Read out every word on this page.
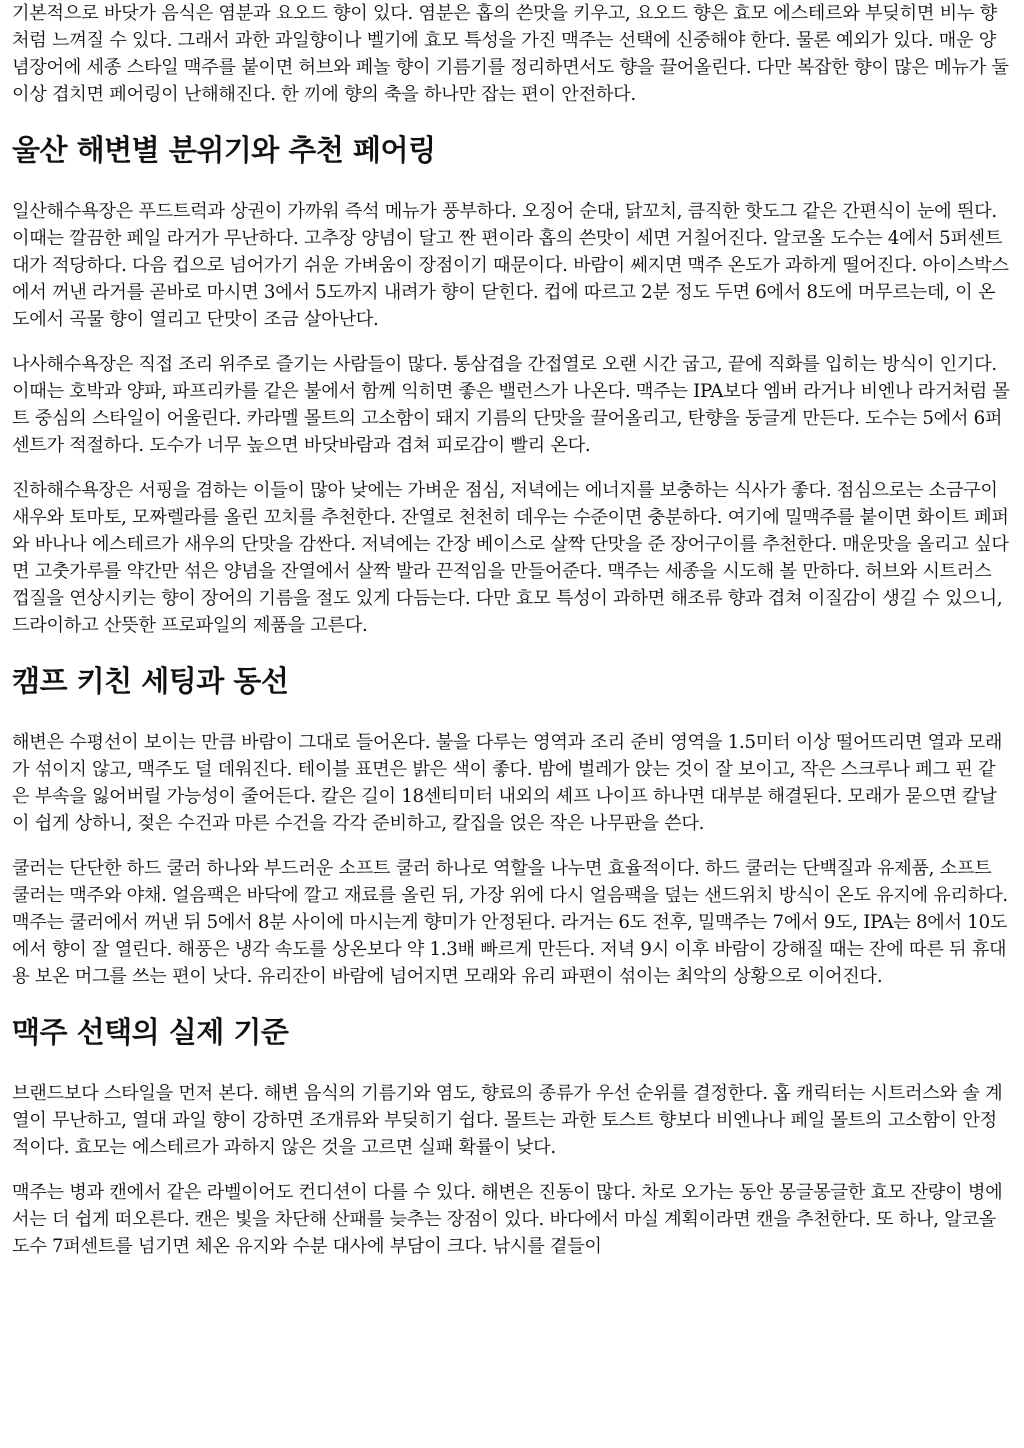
기본적으로 바닷가 음식은 염분과 요오드 향이 있다. 염분은 홉의 쓴맛을 키우고, 요오드 향은 효모 에스테르와 부딪히면 비누 향처럼 느껴질 수 있다. 그래서 과한 과일향이나 벨기에 효모 특성을 가진 맥주는 선택에 신중해야 한다. 물론 예외가 있다. 매운 양념장어에 세종 스타일 맥주를 붙이면 허브와 페놀 향이 기름기를 정리하면서도 향을 끌어올린다. 다만 복잡한 향이 많은 메뉴가 둘 이상 겹치면 페어링이 난해해진다. 한 끼에 향의 축을 하나만 잡는 편이 안전하다.

울산 해변별 분위기와 추천 페어링

일산해수욕장은 푸드트럭과 상권이 가까워 즉석 메뉴가 풍부하다. 오징어 순대, 닭꼬치, 큼직한 핫도그 같은 간편식이 눈에 띈다. 이때는 깔끔한 페일 라거가 무난하다. 고추장 양념이 달고 짠 편이라 홉의 쓴맛이 세면 거칠어진다. 알코올 도수는 4에서 5퍼센트대가 적당하다. 다음 컵으로 넘어가기 쉬운 가벼움이 장점이기 때문이다. 바람이 쎄지면 맥주 온도가 과하게 떨어진다. 아이스박스에서 꺼낸 라거를 곧바로 마시면 3에서 5도까지 내려가 향이 닫힌다. 컵에 따르고 2분 정도 두면 6에서 8도에 머무르는데, 이 온도에서 곡물 향이 열리고 단맛이 조금 살아난다.

나사해수욕장은 직접 조리 위주로 즐기는 사람들이 많다. 통삼겹을 간접열로 오랜 시간 굽고, 끝에 직화를 입히는 방식이 인기다. 이때는 호박과 양파, 파프리카를 같은 불에서 함께 익히면 좋은 밸런스가 나온다. 맥주는 IPA보다 엠버 라거나 비엔나 라거처럼 몰트 중심의 스타일이 어울린다. 카라멜 몰트의 고소함이 돼지 기름의 단맛을 끌어올리고, 탄향을 둥글게 만든다. 도수는 5에서 6퍼센트가 적절하다. 도수가 너무 높으면 바닷바람과 겹쳐 피로감이 빨리 온다.

진하해수욕장은 서핑을 겸하는 이들이 많아 낮에는 가벼운 점심, 저녁에는 에너지를 보충하는 식사가 좋다. 점심으로는 소금구이 새우와 토마토, 모짜렐라를 올린 꼬치를 추천한다. 잔열로 천천히 데우는 수준이면 충분하다. 여기에 밀맥주를 붙이면 화이트 페퍼와 바나나 에스테르가 새우의 단맛을 감싼다. 저녁에는 간장 베이스로 살짝 단맛을 준 장어구이를 추천한다. 매운맛을 올리고 싶다면 고춧가루를 약간만 섞은 양념을 잔열에서 살짝 발라 끈적임을 만들어준다. 맥주는 세종을 시도해 볼 만하다. 허브와 시트러스 껍질을 연상시키는 향이 장어의 기름을 절도 있게 다듬는다. 다만 효모 특성이 과하면 해조류 향과 겹쳐 이질감이 생길 수 있으니, 드라이하고 산뜻한 프로파일의 제품을 고른다.

캠프 키친 세팅과 동선

해변은 수평선이 보이는 만큼 바람이 그대로 들어온다. 불을 다루는 영역과 조리 준비 영역을 1.5미터 이상 떨어뜨리면 열과 모래가 섞이지 않고, 맥주도 덜 데워진다. 테이블 표면은 밝은 색이 좋다. 밤에 벌레가 앉는 것이 잘 보이고, 작은 스크루나 페그 핀 같은 부속을 잃어버릴 가능성이 줄어든다. 칼은 길이 18센티미터 내외의 셰프 나이프 하나면 대부분 해결된다. 모래가 묻으면 칼날이 쉽게 상하니, 젖은 수건과 마른 수건을 각각 준비하고, 칼집을 얹은 작은 나무판을 쓴다.

쿨러는 단단한 하드 쿨러 하나와 부드러운 소프트 쿨러 하나로 역할을 나누면 효율적이다. 하드 쿨러는 단백질과 유제품, 소프트 쿨러는 맥주와 야채. 얼음팩은 바닥에 깔고 재료를 올린 뒤, 가장 위에 다시 얼음팩을 덮는 샌드위치 방식이 온도 유지에 유리하다. 맥주는 쿨러에서 꺼낸 뒤 5에서 8분 사이에 마시는게 향미가 안정된다. 라거는 6도 전후, 밀맥주는 7에서 9도, IPA는 8에서 10도에서 향이 잘 열린다. 해풍은 냉각 속도를 상온보다 약 1.3배 빠르게 만든다. 저녁 9시 이후 바람이 강해질 때는 잔에 따른 뒤 휴대용 보온 머그를 쓰는 편이 낫다. 유리잔이 바람에 넘어지면 모래와 유리 파편이 섞이는 최악의 상황으로 이어진다.

맥주 선택의 실제 기준

브랜드보다 스타일을 먼저 본다. 해변 음식의 기름기와 염도, 향료의 종류가 우선 순위를 결정한다. 홉 캐릭터는 시트러스와 솔 계열이 무난하고, 열대 과일 향이 강하면 조개류와 부딪히기 쉽다. 몰트는 과한 토스트 향보다 비엔나나 페일 몰트의 고소함이 안정적이다. 효모는 에스테르가 과하지 않은 것을 고르면 실패 확률이 낮다.

맥주는 병과 캔에서 같은 라벨이어도 컨디션이 다를 수 있다. 해변은 진동이 많다. 차로 오가는 동안 몽글몽글한 효모 잔량이 병에서는 더 쉽게 떠오른다. 캔은 빛을 차단해 산패를 늦추는 장점이 있다. 바다에서 마실 계획이라면 캔을 추천한다. 또 하나, 알코올 도수 7퍼센트를 넘기면 체온 유지와 수분 대사에 부담이 크다. 낚시를 곁들이
